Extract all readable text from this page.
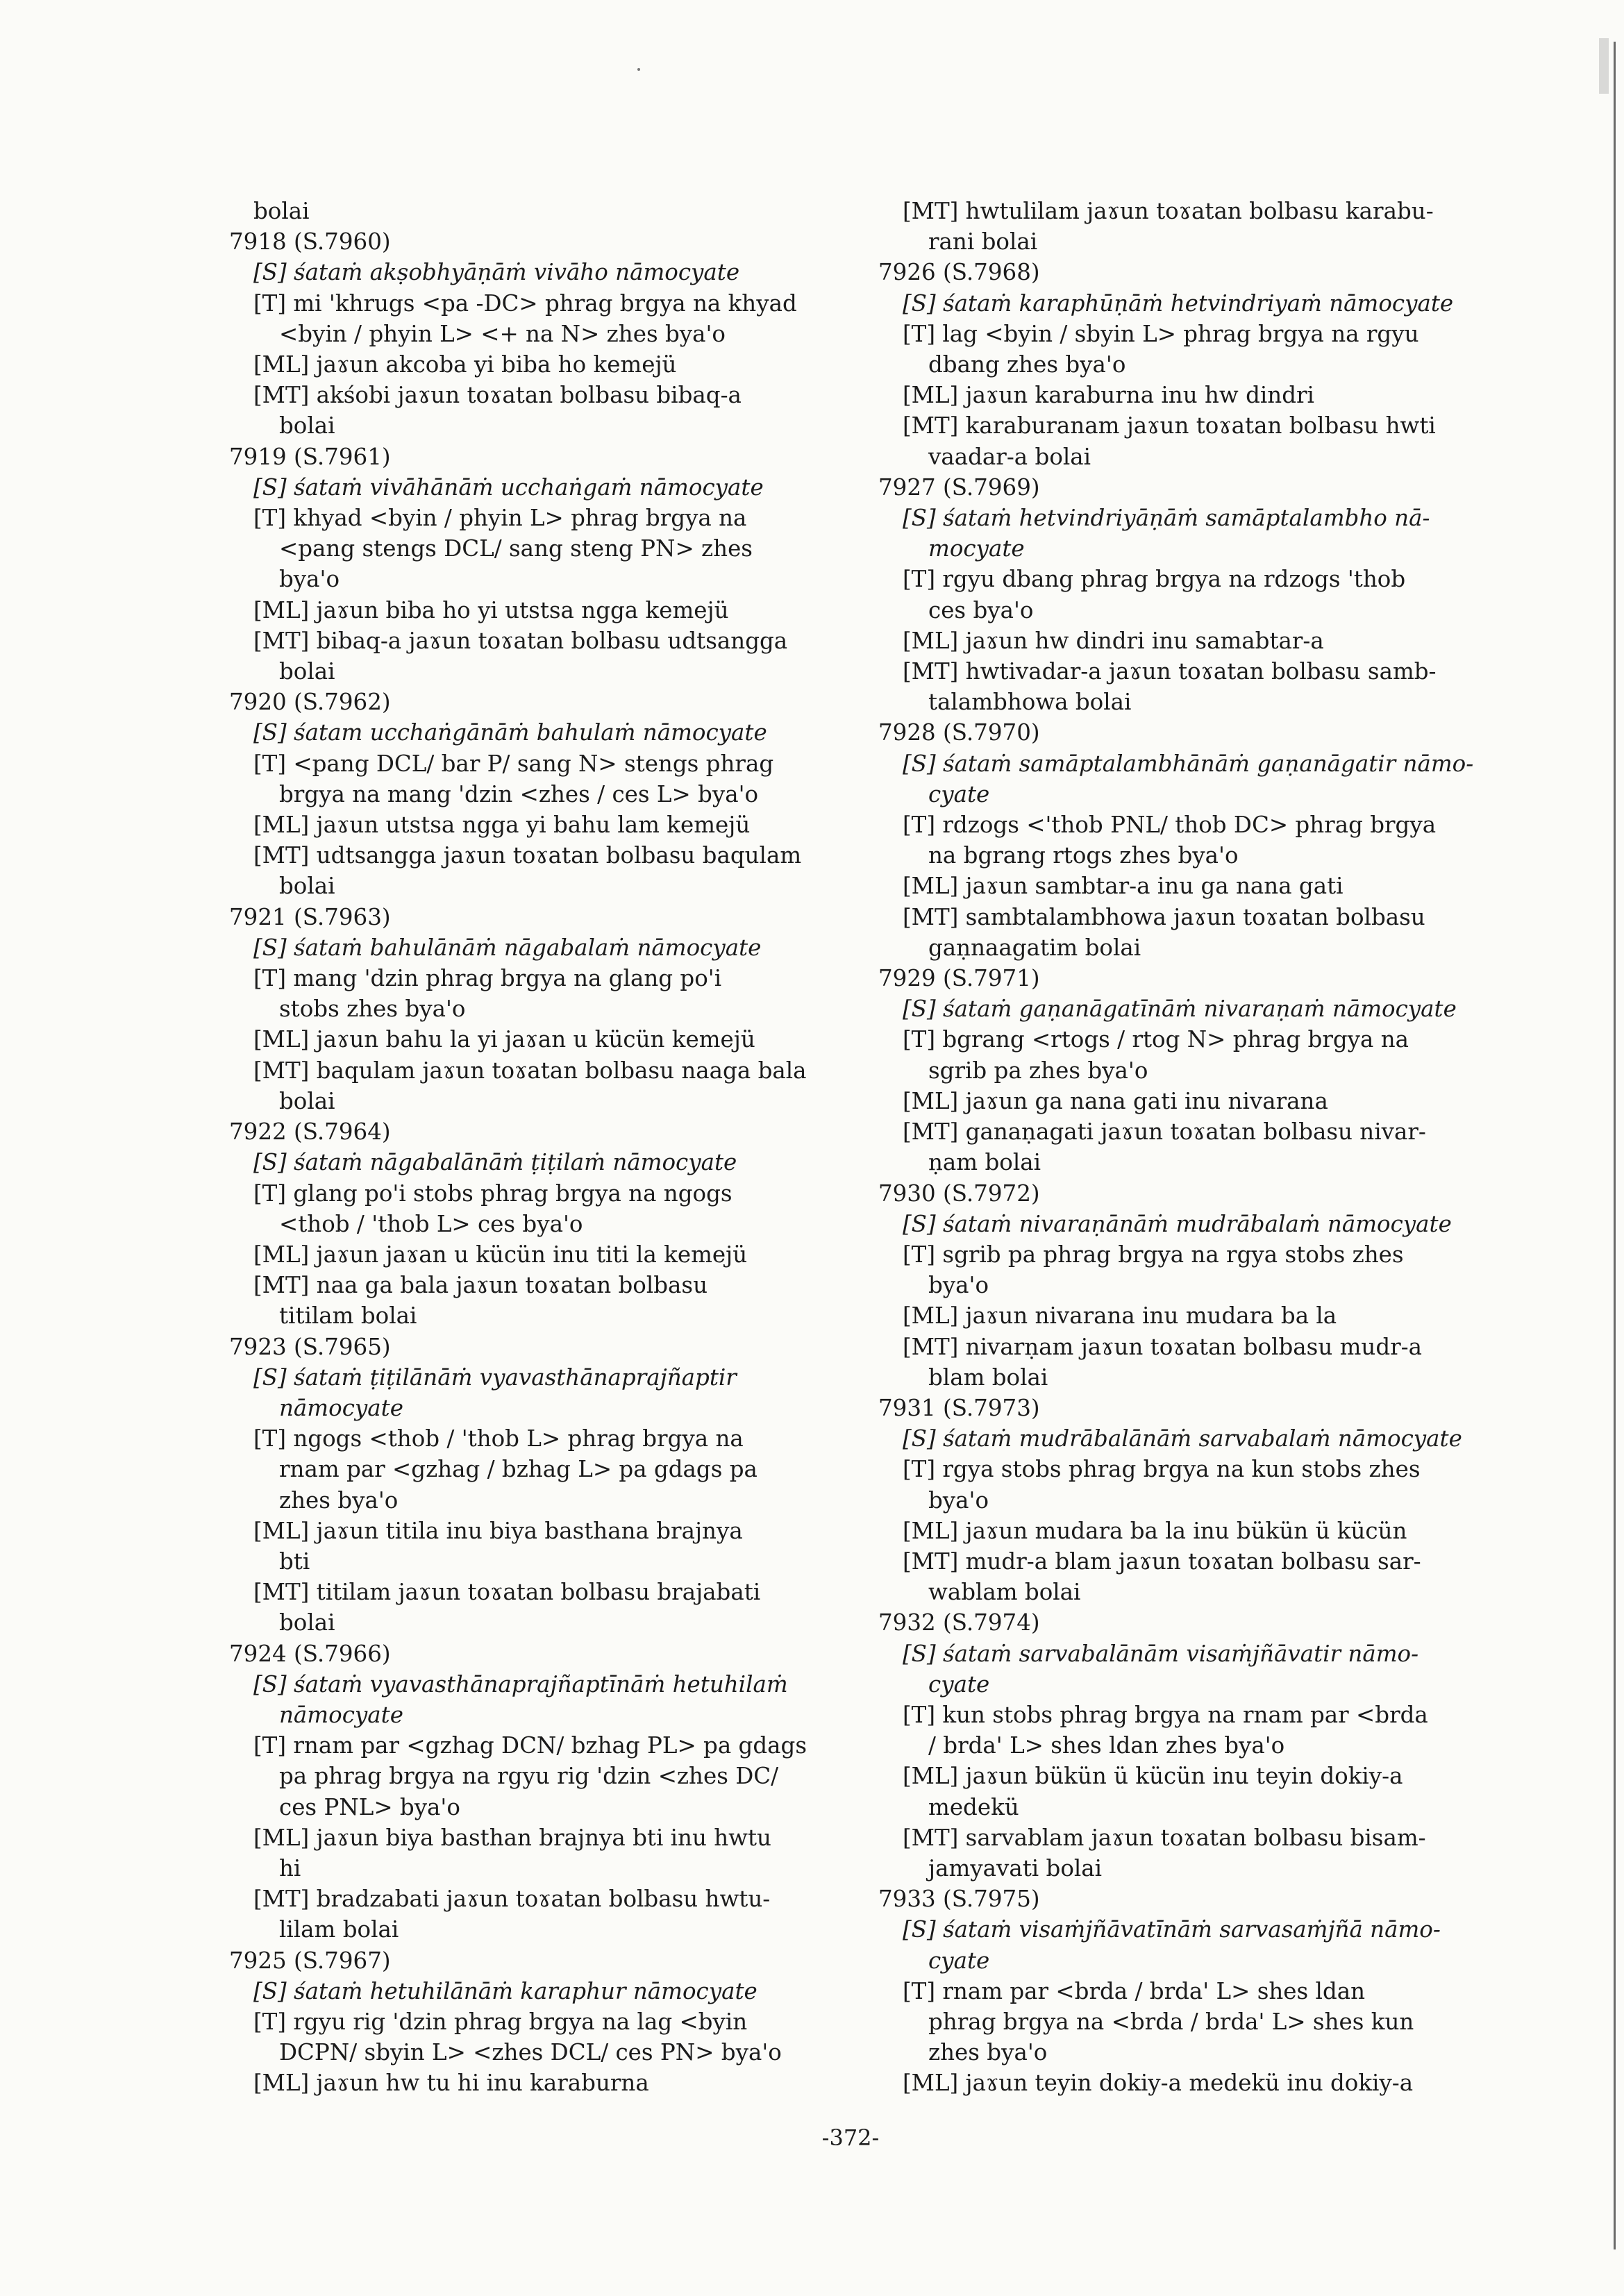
bolai
7918 (S.7960)
[S] śataṁ akṣobhyāṇāṁ vivāho nāmocyate
[T] mi 'khrugs <pa -DC> phrag brgya na khyad
<byin / phyin L> <+ na N> zhes bya'o
[ML] jaɤun akcoba yi biba ho kemejü
[MT] akśobi jaɤun toɤatan bolbasu bibaq-a
bolai
7919 (S.7961)
[S] śataṁ vivāhānāṁ ucchaṅgaṁ nāmocyate
[T] khyad <byin / phyin L> phrag brgya na
<pang stengs DCL/ sang steng PN> zhes
bya'o
[ML] jaɤun biba ho yi utstsa ngga kemejü
[MT] bibaq-a jaɤun toɤatan bolbasu udtsangga
bolai
7920 (S.7962)
[S] śatam ucchaṅgānāṁ bahulaṁ nāmocyate
[T] <pang DCL/ bar P/ sang N> stengs phrag
brgya na mang 'dzin <zhes / ces L> bya'o
[ML] jaɤun utstsa ngga yi bahu lam kemejü
[MT] udtsangga jaɤun toɤatan bolbasu baqulam
bolai
7921 (S.7963)
[S] śataṁ bahulānāṁ nāgabalaṁ nāmocyate
[T] mang 'dzin phrag brgya na glang po'i
stobs zhes bya'o
[ML] jaɤun bahu la yi jaɤan u kücün kemejü
[MT] baqulam jaɤun toɤatan bolbasu naaga bala
bolai
7922 (S.7964)
[S] śataṁ nāgabalānāṁ ṭiṭilaṁ nāmocyate
[T] glang po'i stobs phrag brgya na ngogs
<thob / 'thob L> ces bya'o
[ML] jaɤun jaɤan u kücün inu titi la kemejü
[MT] naa ga bala jaɤun toɤatan bolbasu
titilam bolai
7923 (S.7965)
[S] śataṁ ṭiṭilānāṁ vyavasthānaprajñaptir
nāmocyate
[T] ngogs <thob / 'thob L> phrag brgya na
rnam par <gzhag / bzhag L> pa gdags pa
zhes bya'o
[ML] jaɤun titila inu biya basthana brajnya
bti
[MT] titilam jaɤun toɤatan bolbasu brajabati
bolai
7924 (S.7966)
[S] śataṁ vyavasthānaprajñaptīnāṁ hetuhilaṁ
nāmocyate
[T] rnam par <gzhag DCN/ bzhag PL> pa gdags
pa phrag brgya na rgyu rig 'dzin <zhes DC/
ces PNL> bya'o
[ML] jaɤun biya basthan brajnya bti inu hwtu
hi
[MT] bradzabati jaɤun toɤatan bolbasu hwtu-
lilam bolai
7925 (S.7967)
[S] śataṁ hetuhilānāṁ karaphur nāmocyate
[T] rgyu rig 'dzin phrag brgya na lag <byin
DCPN/ sbyin L> <zhes DCL/ ces PN> bya'o
[ML] jaɤun hw tu hi inu karaburna
[MT] hwtulilam jaɤun toɤatan bolbasu karabu-
rani bolai
7926 (S.7968)
[S] śataṁ karaphūṇāṁ hetvindriyaṁ nāmocyate
[T] lag <byin / sbyin L> phrag brgya na rgyu
dbang zhes bya'o
[ML] jaɤun karaburna inu hw dindri
[MT] karaburanam jaɤun toɤatan bolbasu hwti
vaadar-a bolai
7927 (S.7969)
[S] śataṁ hetvindriyāṇāṁ samāptalambho nā-
mocyate
[T] rgyu dbang phrag brgya na rdzogs 'thob
ces bya'o
[ML] jaɤun hw dindri inu samabtar-a
[MT] hwtivadar-a jaɤun toɤatan bolbasu samb-
talambhowa bolai
7928 (S.7970)
[S] śataṁ samāptalambhānāṁ gaṇanāgatir nāmo-
cyate
[T] rdzogs <'thob PNL/ thob DC> phrag brgya
na bgrang rtogs zhes bya'o
[ML] jaɤun sambtar-a inu ga nana gati
[MT] sambtalambhowa jaɤun toɤatan bolbasu
gaṇnaagatim bolai
7929 (S.7971)
[S] śataṁ gaṇanāgatīnāṁ nivaraṇaṁ nāmocyate
[T] bgrang <rtogs / rtog N> phrag brgya na
sgrib pa zhes bya'o
[ML] jaɤun ga nana gati inu nivarana
[MT] ganaṇagati jaɤun toɤatan bolbasu nivar-
ṇam bolai
7930 (S.7972)
[S] śataṁ nivaraṇānāṁ mudrābalaṁ nāmocyate
[T] sgrib pa phrag brgya na rgya stobs zhes
bya'o
[ML] jaɤun nivarana inu mudara ba la
[MT] nivarṇam jaɤun toɤatan bolbasu mudr-a
blam bolai
7931 (S.7973)
[S] śataṁ mudrābalānāṁ sarvabalaṁ nāmocyate
[T] rgya stobs phrag brgya na kun stobs zhes
bya'o
[ML] jaɤun mudara ba la inu bükün ü kücün
[MT] mudr-a blam jaɤun toɤatan bolbasu sar-
wablam bolai
7932 (S.7974)
[S] śataṁ sarvabalānām visaṁjñāvatir nāmo-
cyate
[T] kun stobs phrag brgya na rnam par <brda
/ brda' L> shes ldan zhes bya'o
[ML] jaɤun bükün ü kücün inu teyin dokiy-a
medekü
[MT] sarvablam jaɤun toɤatan bolbasu bisam-
jamyavati bolai
7933 (S.7975)
[S] śataṁ visaṁjñāvatīnāṁ sarvasaṁjñā nāmo-
cyate
[T] rnam par <brda / brda' L> shes ldan
phrag brgya na <brda / brda' L> shes kun
zhes bya'o
[ML] jaɤun teyin dokiy-a medekü inu dokiy-a
-372-
